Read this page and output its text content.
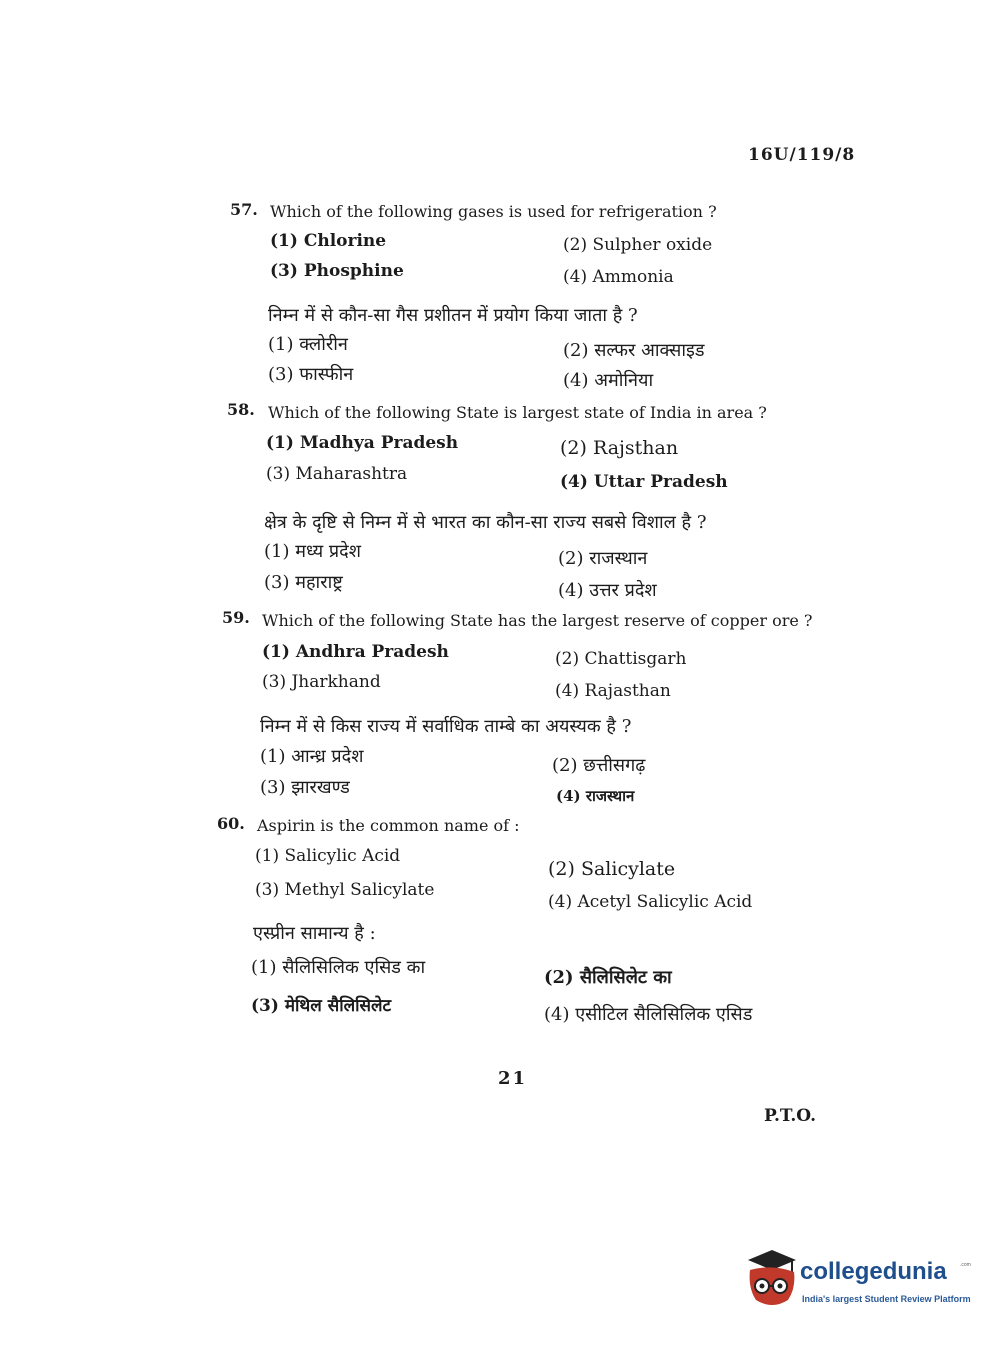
16U/119/8
57. Which of the following gases is used for refrigeration ?
(1) Chlorine	(2) Sulpher oxide
(3) Phosphine	(4) Ammonia
निम्न में से कौन-सा गैस प्रशीतन में प्रयोग किया जाता है ?
(1) क्लोरीन	(2) सल्फर आक्साइड
(3) फास्फीन	(4) अमोनिया
58. Which of the following State is largest state of India in area ?
(1) Madhya Pradesh	(2) Rajsthan
(3) Maharashtra	(4) Uttar Pradesh
क्षेत्र के दृष्टि से निम्न में से भारत का कौन-सा राज्य सबसे विशाल है ?
(1) मध्य प्रदेश	(2) राजस्थान
(3) महाराष्ट्र	(4) उत्तर प्रदेश
59. Which of the following State has the largest reserve of copper ore ?
(1) Andhra Pradesh	(2) Chattisgarh
(3) Jharkhand	(4) Rajasthan
निम्न में से किस राज्य में सर्वाधिक ताम्बे का अयस्यक है ?
(1) आन्ध्र प्रदेश	(2) छत्तीसगढ़
(3) झारखण्ड	(4) राजस्थान
60. Aspirin is the common name of :
(1) Salicylic Acid
(2) Salicylate
(3) Methyl Salicylate
(4) Acetyl Salicylic Acid
एस्प्रीन सामान्य है :
(1) सैलिसिलिक एसिड का	(2) सैलिसिलेट का
(3) मेथिल सैलिसिलेट	(4) एसीटिल सैलिसिलिक एसिड
21
P.T.O.
collegedunia	.com
India's largest Student Review Platform
